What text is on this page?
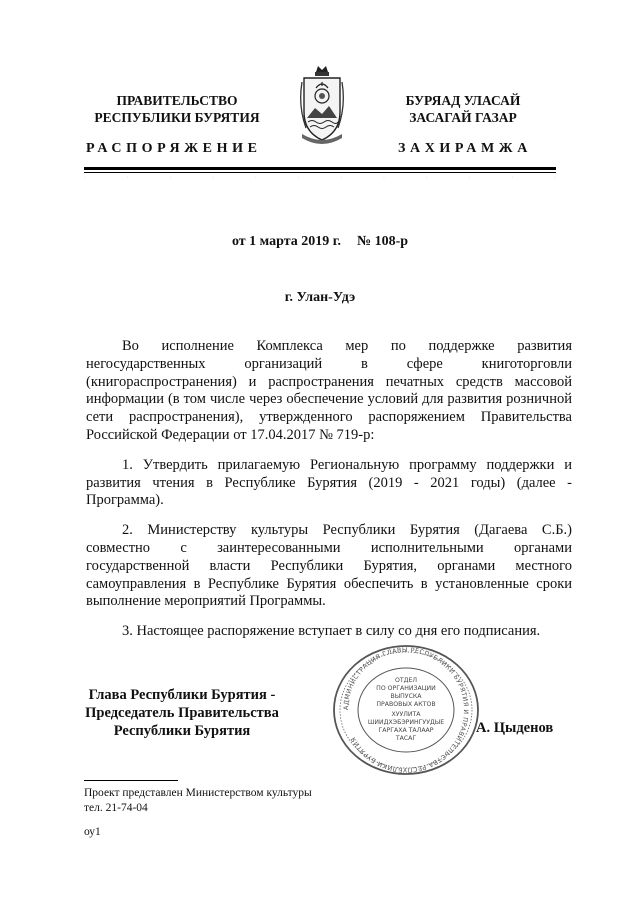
ПРАВИТЕЛЬСТВО
РЕСПУБЛИКИ БУРЯТИЯ
БУРЯАД УЛАСАЙ
ЗАСАГАЙ ГАЗАР
РАСПОРЯЖЕНИЕ	ЗАХИРАМЖА
·	·	·	·	·	·	·	·	·	·	·	·
от 1 марта 2019 г. № 108-р
г. Улан-Удэ

Во исполнение Комплекса мер по поддержке развития негосударственных организаций в сфере книготорговли (книгораспространения) и распространения печатных средств массовой информации (в том числе через обеспечение условий для развития розничной сети распространения), утвержденного распоряжением Правительства Российской Федерации от 17.04.2017 № 719-р:

1. Утвердить прилагаемую Региональную программу поддержки и развития чтения в Республике Бурятия (2019 - 2021 годы) (далее - Программа).

2. Министерству культуры Республики Бурятия (Дагаева С.Б.) совместно с заинтересованными исполнительными органами государственной власти Республики Бурятия, органами местного самоуправления в Республике Бурятия обеспечить в установленные сроки выполнение мероприятий Программы.

3. Настоящее распоряжение вступает в силу со дня его подписания.

Глава Республики Бурятия -
Председатель Правительства
Республики Бурятия
АДМИНИСТРАЦИЯ ГЛАВЫ РЕСПУБЛИКИ БУРЯТИЯ И ПРАВИТЕЛЬСТВА РЕСПУБЛИКИ БУРЯТИЯ
ОТДЕЛ
ПО ОРГАНИЗАЦИИ
ВЫПУСКА
ПРАВОВЫХ АКТОВ
ХУУЛИТА
ШИИДХЭБЭРИНГУУДЫЕ
ГАРГАХА ТАЛААР
ТАСАГ
А. Цыденов
Проект представлен Министерством культуры
тел. 21-74-04
оу1
